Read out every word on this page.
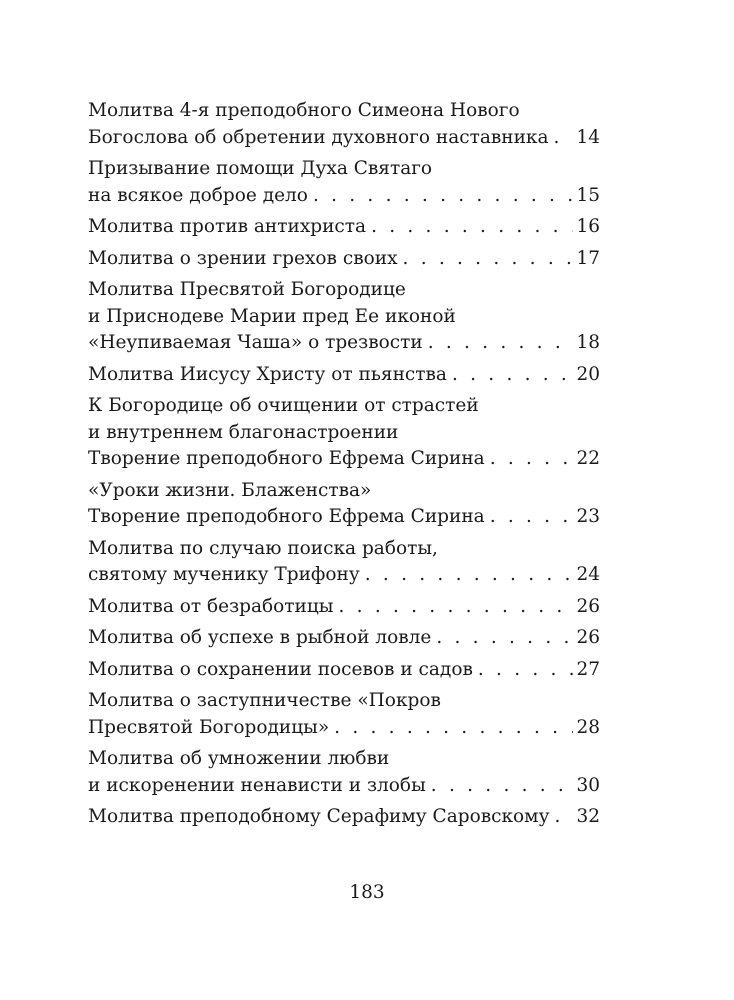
Молитва 4-я преподобного Симеона Нового
Богослова об обретении духовного наставника . . . 14
Призывание помощи Духа Святаго
на всякое доброе дело . . .	15
Молитва против антихриста . . .	16
Молитва о зрении грехов своих . . .	17
Молитва Пресвятой Богородице
и Приснодеве Марии пред Ее иконой
«Неупиваемая Чаша» о трезвости . . .	18
Молитва Иисусу Христу от пьянства . . .	20
К Богородице об очищении от страстей
и внутреннем благонастроении
Творение преподобного Ефрема Сирина . . .	22
«Уроки жизни. Блаженства»
Творение преподобного Ефрема Сирина . . .	23
Молитва по случаю поиска работы,
святому мученику Трифону . . .	24
Молитва от безработицы . . .	26
Молитва об успехе в рыбной ловле . . .	26
Молитва о сохранении посевов и садов . . .	27
Молитва о заступничестве «Покров
Пресвятой Богородицы» . . .	28
Молитва об умножении любви
и искоренении ненависти и злобы . . .	30
Молитва преподобному Серафиму Саровскому . . . 32
183
